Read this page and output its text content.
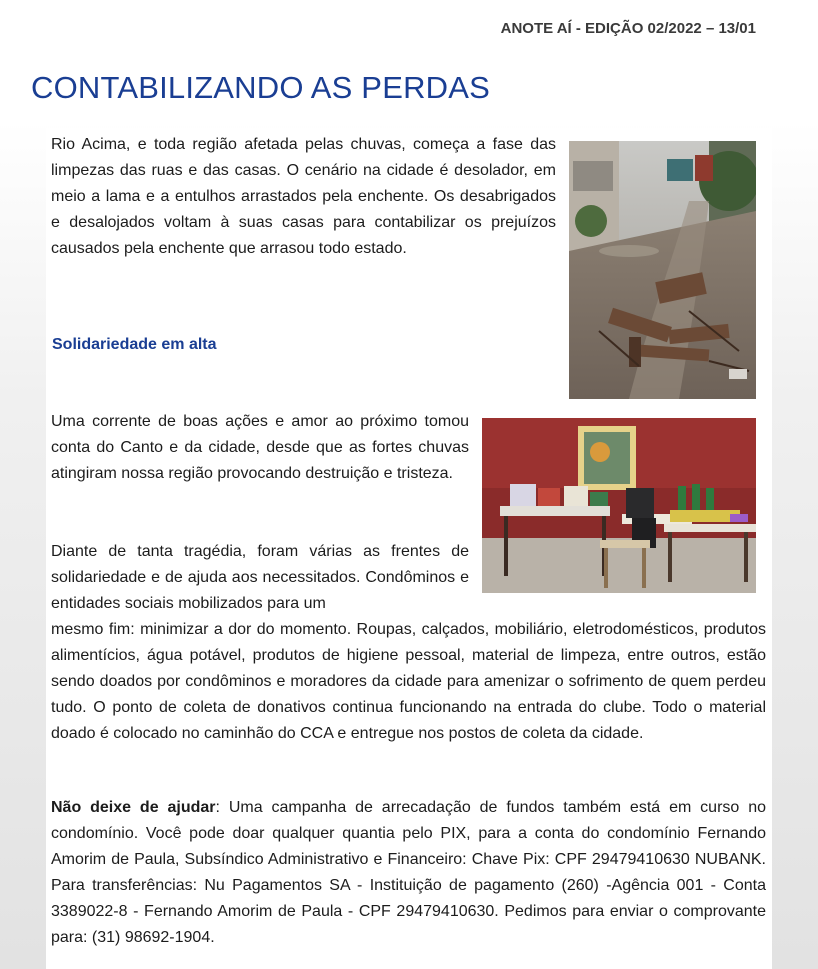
ANOTE AÍ - EDIÇÃO 02/2022 – 13/01
CONTABILIZANDO AS PERDAS

Rio Acima, e toda região afetada pelas chuvas, começa a fase das limpezas das ruas e das casas. O cenário na cidade é desolador, em meio a lama e a entulhos arrastados pela enchente. Os desabrigados e desalojados voltam à suas casas para contabilizar os prejuízos causados pela enchente que arrasou todo estado.

Solidariedade em alta

Uma corrente de boas ações e amor ao próximo tomou conta do Canto e da cidade, desde que as fortes chuvas atingiram nossa região provocando destruição e tristeza.

Diante de tanta tragédia, foram várias as frentes de solidariedade e de ajuda aos necessitados. Condôminos e entidades sociais mobilizados para um
mesmo fim: minimizar a dor do momento. Roupas, calçados, mobiliário, eletrodomésticos, produtos alimentícios, água potável, produtos de higiene pessoal, material de limpeza, entre outros, estão sendo doados por condôminos e moradores da cidade para amenizar o sofrimento de quem perdeu tudo. O ponto de coleta de donativos continua funcionando na entrada do clube. Todo o material doado é colocado no caminhão do CCA e entregue nos postos de coleta da cidade.

Não deixe de ajudar: Uma campanha de arrecadação de fundos também está em curso no condomínio. Você pode doar qualquer quantia pelo PIX, para a conta do condomínio Fernando Amorim de Paula, Subsíndico Administrativo e Financeiro: Chave Pix: CPF 29479410630 NUBANK. Para transferências: Nu Pagamentos SA - Instituição de pagamento (260) -Agência 001 - Conta 3389022-8 - Fernando Amorim de Paula - CPF 29479410630. Pedimos para enviar o comprovante para: (31) 98692-1904.
